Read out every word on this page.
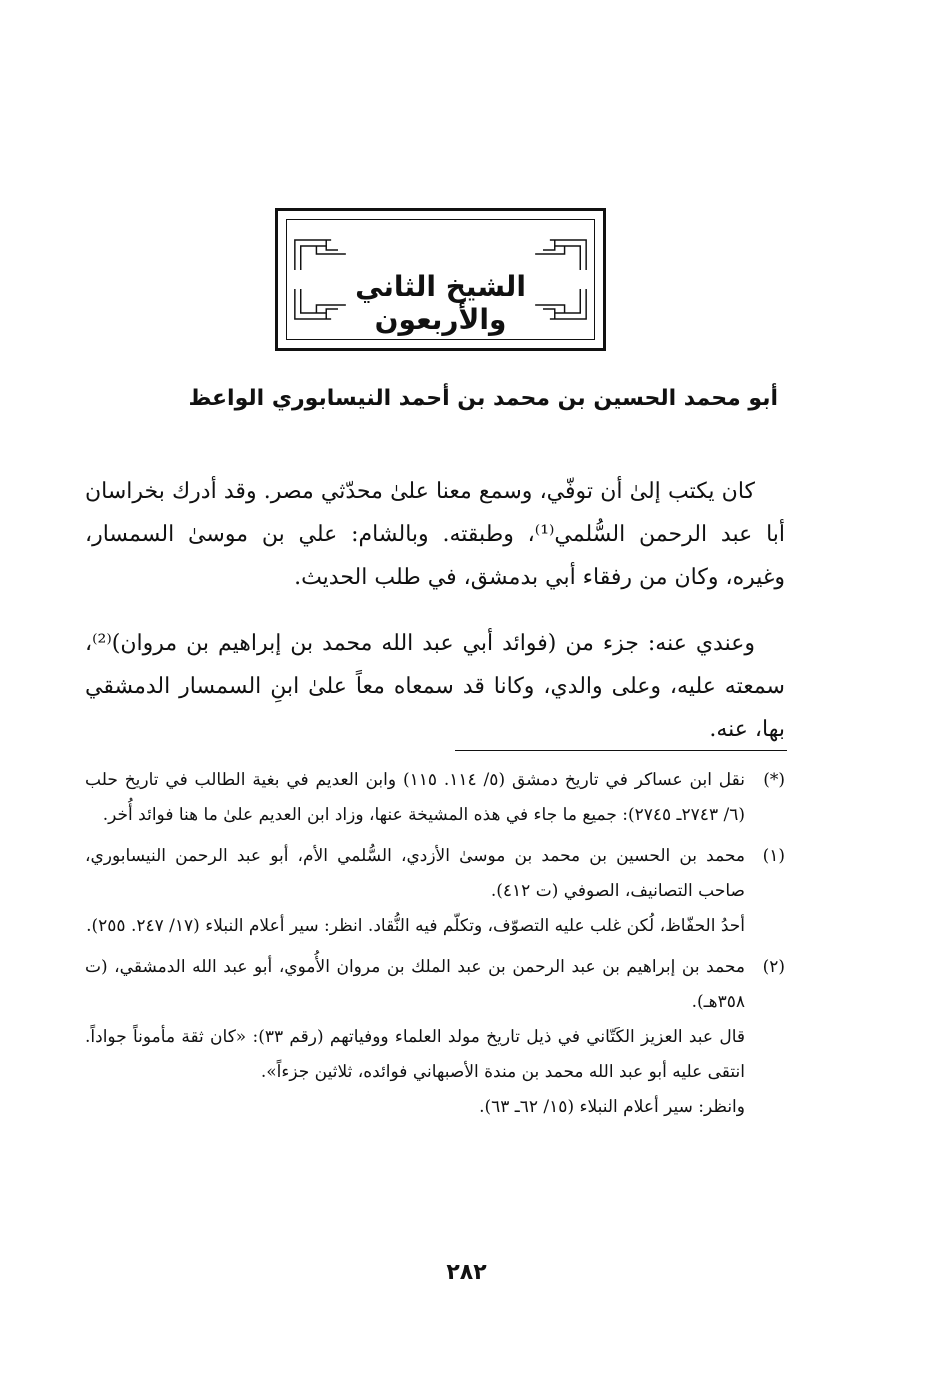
الشيخ الثاني والأربعون
أبو محمد الحسين بن محمد بن أحمد النيسابوري الواعظ

كان يكتب إلىٰ أن توفّي، وسمع معنا علىٰ محدّثي مصر. وقد أدرك بخراسان أبا عبد الرحمن السُّلمي⁽¹⁾، وطبقته. وبالشام: علي بن موسىٰ السمسار، وغيره، وكان من رفقاء أبي بدمشق، في طلب الحديث.

وعندي عنه: جزء من (فوائد أبي عبد الله محمد بن إبراهيم بن مروان)⁽²⁾، سمعته عليه، وعلى والدي، وكانا قد سمعاه معاً علىٰ ابنِ السمسار الدمشقي بها، عنه.

(*)
نقل ابن عساكر في تاريخ دمشق (٥/ ١١٤. ١١٥) وابن العديم في بغية الطالب في تاريخ حلب (٦/ ٢٧٤٣ـ ٢٧٤٥): جميع ما جاء في هذه المشيخة عنها، وزاد ابن العديم علىٰ ما هنا فوائد أُخر.
(١)
محمد بن الحسين بن محمد بن موسىٰ الأزدي، السُّلمي الأم، أبو عبد الرحمن النيسابوري، صاحب التصانيف، الصوفي (ت ٤١٢).
أحدُ الحفّاظ، لُكن غلب عليه التصوّف، وتكلّم فيه النُّقاد. انظر: سير أعلام النبلاء (١٧/ ٢٤٧. ٢٥٥).
(٢)
محمد بن إبراهيم بن عبد الرحمن بن عبد الملك بن مروان الأُموي، أبو عبد الله الدمشقي، (ت ٣٥٨هـ).
قال عبد العزيز الكَتّاني في ذيل تاريخ مولد العلماء ووفياتهم (رقم ٣٣): «كان ثقة مأموناً جواداً. انتقى عليه أبو عبد الله محمد بن مندة الأصبهاني فوائده، ثلاثين جزءاً».
وانظر: سير أعلام النبلاء (١٥/ ٦٢ـ ٦٣).
٢٨٢
